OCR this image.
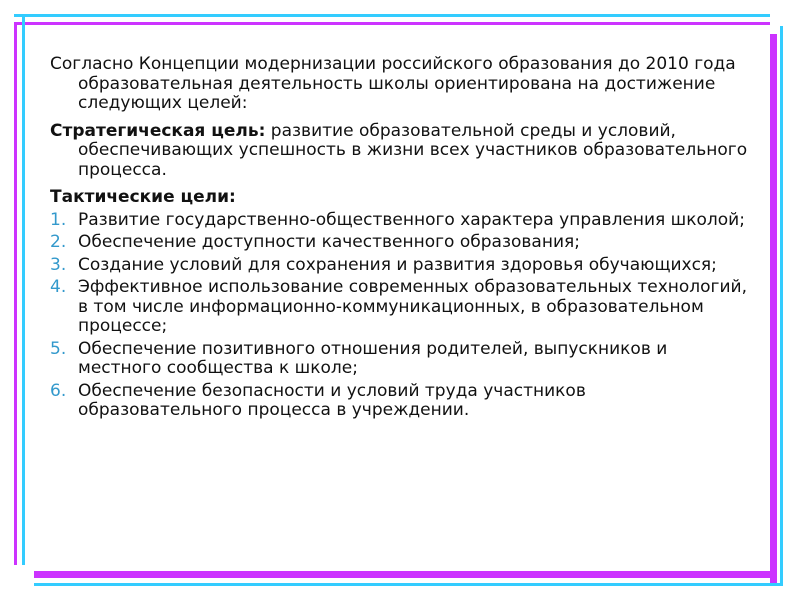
Согласно Концепции модернизации российского образования до 2010 года образовательная деятельность школы ориентирована на достижение следующих целей:

Стратегическая цель: развитие образовательной среды и условий, обеспечивающих успешность в жизни всех участников образовательного процесса.

Тактические цели:

1. Развитие государственно-общественного характера управления школой;
2. Обеспечение доступности качественного образования;
3. Создание условий для сохранения и развития здоровья обучающихся;
4. Эффективное использование современных образовательных технологий, в том числе информационно-коммуникационных, в образовательном процессе;
5. Обеспечение позитивного отношения родителей, выпускников и местного сообщества к школе;
6. Обеспечение безопасности и условий труда участников образовательного процесса в учреждении.
